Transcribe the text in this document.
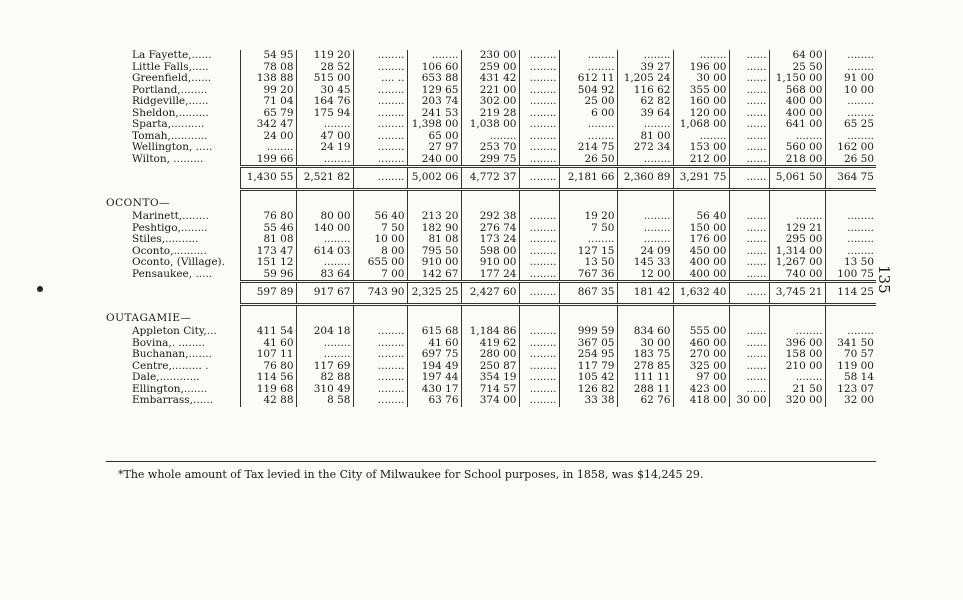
La Fayette,......	54 95	119 20	........	........	230 00	........	........	........	........	......	64 00	........
Little Falls,.....	78 08	28 52	........	106 60	259 00	........	........	39 27	196 00	......	25 50	........
Greenfield,......	138 88	515 00	.... ..	653 88	431 42	........	612 11	1,205 24	30 00	......	1,150 00	91 00
Portland,........	99 20	30 45	........	129 65	221 00	........	504 92	116 62	355 00	......	568 00	10 00
Ridgeville,......	71 04	164 76	........	203 74	302 00	........	25 00	62 82	160 00	......	400 00	........
Sheldon,.........	65 79	175 94	........	241 53	219 28	........	6 00	39 64	120 00	......	400 00	........
Sparta,..........	342 47	........	........	1,398 00	1,038 00	........	........	........	1,068 00	......	641 00	65 25
Tomah,...........	24 00	47 00	........	65 00	........	........	........	81 00	........	......	........	........
Wellington, .....	........	24 19	........	27 97	253 70	........	214 75	272 34	153 00	......	560 00	162 00
Wilton, .........	199 66	........	........	240 00	299 75	........	26 50	........	212 00	......	218 00	26 50
	1,430 55	2,521 82	........	5,002 06	4,772 37	........	2,181 66	2,360 89	3,291 75	......	5,061 50	364 75

OCONTO—												
Marinett,........	76 80	80 00	56 40	213 20	292 38	........	19 20	........	56 40	......	........	........
Peshtigo,........	55 46	140 00	7 50	182 90	276 74	........	7 50	........	150 00	......	129 21	........
Stiles,..........	81 08	........	10 00	81 08	173 24	........	........	........	176 00	......	295 00	........
Oconto,..........	173 47	614 03	8 00	795 50	598 00	........	127 15	24 09	450 00	......	1,314 00	........
Oconto, (Village).	151 12	........	655 00	910 00	910 00	........	13 50	145 33	400 00	......	1,267 00	13 50
Pensaukee, .....	59 96	83 64	7 00	142 67	177 24	........	767 36	12 00	400 00	......	740 00	100 75
	597 89	917 67	743 90	2,325 25	2,427 60	........	867 35	181 42	1,632 40	......	3,745 21	114 25

OUTAGAMIE—												
Appleton City,...	411 54	204 18	........	615 68	1,184 86	........	999 59	834 60	555 00	......	........	........
Bovina,. ........	41 60	........	........	41 60	419 62	........	367 05	30 00	460 00	......	396 00	341 50
Buchanan,.......	107 11	........	........	697 75	280 00	........	254 95	183 75	270 00	......	158 00	70 57
Centre,......... .	76 80	117 69	........	194 49	250 87	........	117 79	278 85	325 00	......	210 00	119 00
Dale,............	114 56	82 88	........	197 44	354 19	........	105 42	111 11	97 00	......	........	58 14
Ellington,.......	119 68	310 49	........	430 17	714 57	........	126 82	288 11	423 00	......	21 50	123 07
Embarrass,......	42 88	8 58	........	63 76	374 00	........	33 38	62 76	418 00	30 00	320 00	32 00
*The whole amount of Tax levied in the City of Milwaukee for School purposes, in 1858, was $14,245 29.
135
